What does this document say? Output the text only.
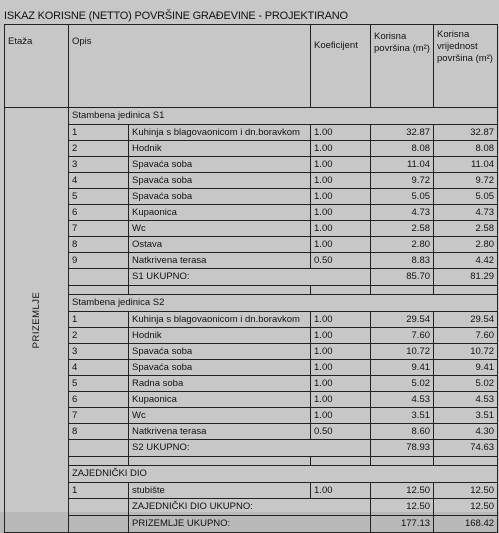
ISKAZ KORISNE (NETTO) POVRŠINE GRAĐEVINE - PROJEKTIRANO
Etaža	Opis		Koeficijent	Korisna površina (m²)	Korisna vrijednost površina (m²)

PRIZEMLJE	Stambena jedinica S1				
	1	Kuhinja s blagovaonicom i dn.boravkom	1.00	32.87	32.87
	2	Hodnik	1.00	8.08	8.08
	3	Spavaća soba	1.00	11.04	11.04
	4	Spavaća soba	1.00	9.72	9.72
	5	Spavaća soba	1.00	5.05	5.05
	6	Kupaonica	1.00	4.73	4.73
	7	Wc	1.00	2.58	2.58
	8	Ostava	1.00	2.80	2.80
	9	Natkrivena terasa	0.50	8.83	4.42
		S1 UKUPNO:		85.70	81.29

	Stambena jedinica S2				
	1	Kuhinja s blagovaonicom i dn.boravkom	1.00	29.54	29.54
	2	Hodnik	1.00	7.60	7.60
	3	Spavaća soba	1.00	10.72	10.72
	4	Spavaća soba	1.00	9.41	9.41
	5	Radna soba	1.00	5.02	5.02
	6	Kupaonica	1.00	4.53	4.53
	7	Wc	1.00	3.51	3.51
	8	Natkrivena terasa	0.50	8.60	4.30
		S2 UKUPNO:		78.93	74.63

	ZAJEDNIČKI DIO				
	1	stubište	1.00	12.50	12.50
		ZAJEDNIČKI DIO UKUPNO:		12.50	12.50
		PRIZEMLJE UKUPNO:		177.13	168.42
